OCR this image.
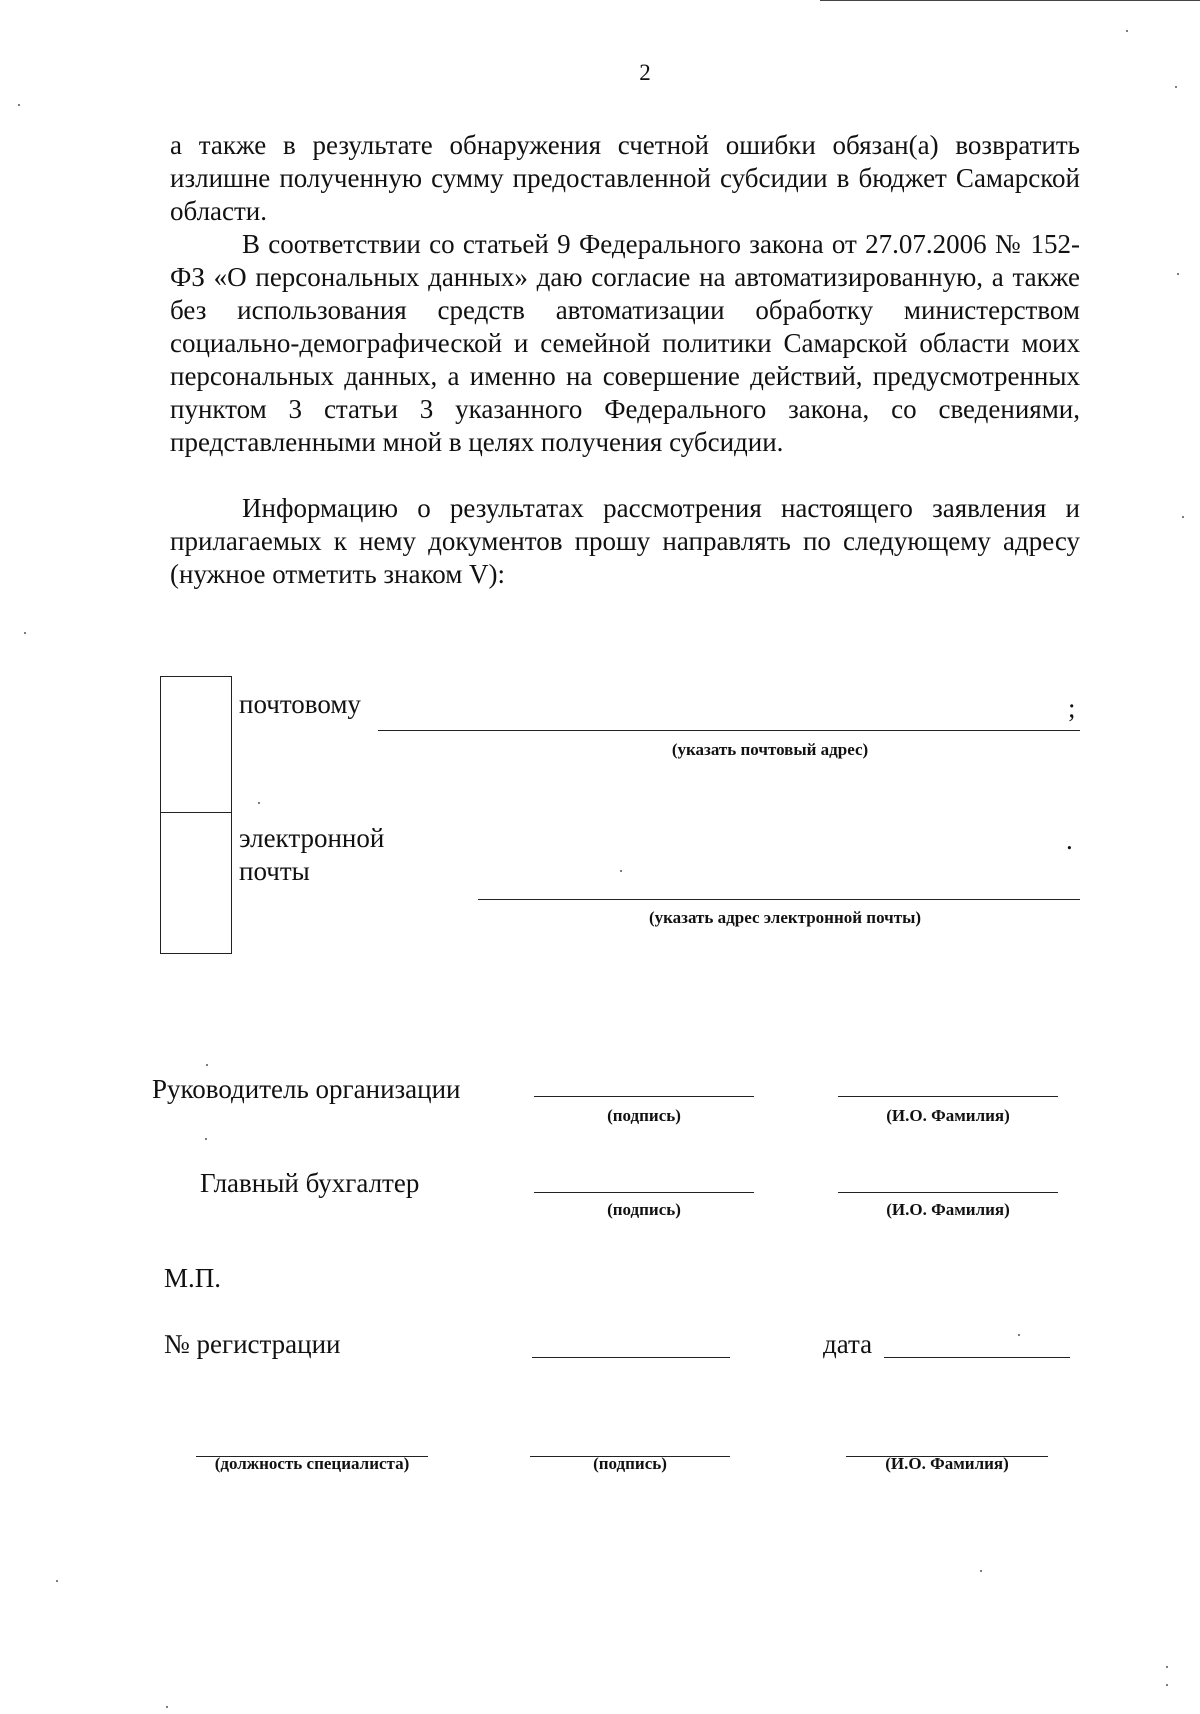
2
а также в результате обнаружения счетной ошибки обязан(а) возвратить излишне полученную сумму предоставленной субсидии в бюджет Самарской области.
В соответствии со статьей 9 Федерального закона от 27.07.2006 № 152-ФЗ «О персональных данных» даю согласие на автоматизированную, а также без использования средств автоматизации обработку министерством социально-демографической и семейной политики Самарской области моих персональных данных, а именно на совершение действий, предусмотренных пунктом 3 статьи 3 указанного Федерального закона, со сведениями, представленными мной в целях получения субсидии.
Информацию о результатах рассмотрения настоящего заявления и прилагаемых к нему документов прошу направлять по следующему адресу (нужное отметить знаком V):
почтовому	;
(указать почтовый адрес)
электронной
почты
.
(указать адрес электронной почты)
Руководитель организации
(подпись)	(И.О. Фамилия)
Главный бухгалтер
(подпись)	(И.О. Фамилия)
М.П.
№ регистрации	дата
(должность специалиста)	(подпись)	(И.О. Фамилия)
